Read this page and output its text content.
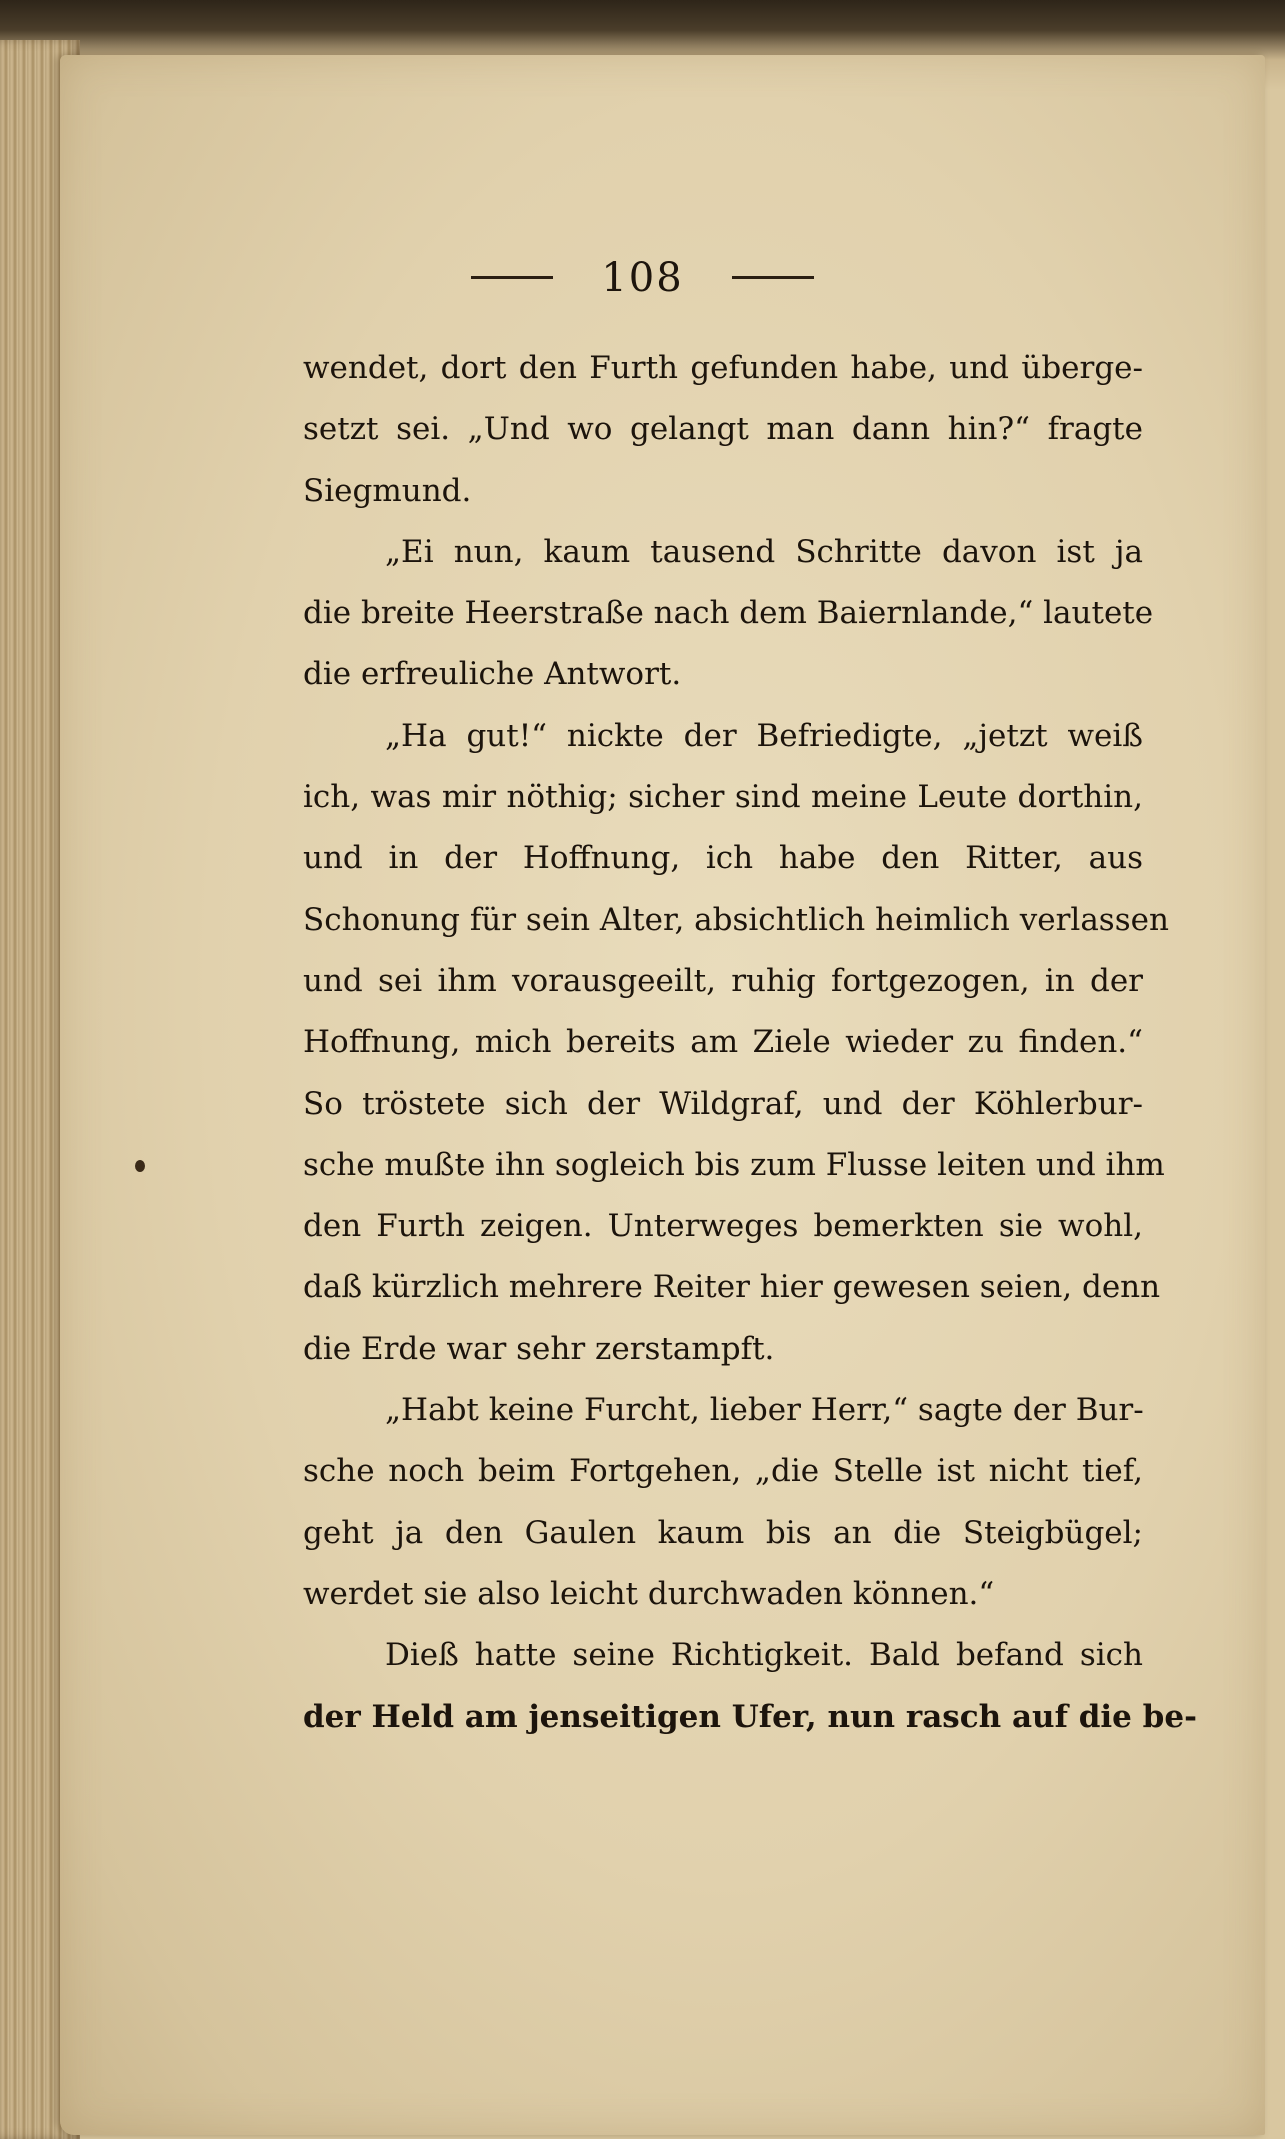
108
wendet, dort den Furth gefunden habe, und überge-
setzt sei. „Und wo gelangt man dann hin?“ fragte
Siegmund.
„Ei nun, kaum tausend Schritte davon ist ja
die breite Heerstraße nach dem Baiernlande,“ lautete
die erfreuliche Antwort.
„Ha gut!“ nickte der Befriedigte, „jetzt weiß
ich, was mir nöthig; sicher sind meine Leute dorthin,
und in der Hoffnung, ich habe den Ritter, aus
Schonung für sein Alter, absichtlich heimlich verlassen
und sei ihm vorausgeeilt, ruhig fortgezogen, in der
Hoffnung, mich bereits am Ziele wieder zu finden.“
So tröstete sich der Wildgraf, und der Köhlerbur-
sche mußte ihn sogleich bis zum Flusse leiten und ihm
den Furth zeigen. Unterweges bemerkten sie wohl,
daß kürzlich mehrere Reiter hier gewesen seien, denn
die Erde war sehr zerstampft.
„Habt keine Furcht, lieber Herr,“ sagte der Bur-
sche noch beim Fortgehen, „die Stelle ist nicht tief,
geht ja den Gaulen kaum bis an die Steigbügel;
werdet sie also leicht durchwaden können.“
Dieß hatte seine Richtigkeit. Bald befand sich
der Held am jenseitigen Ufer, nun rasch auf die be-
